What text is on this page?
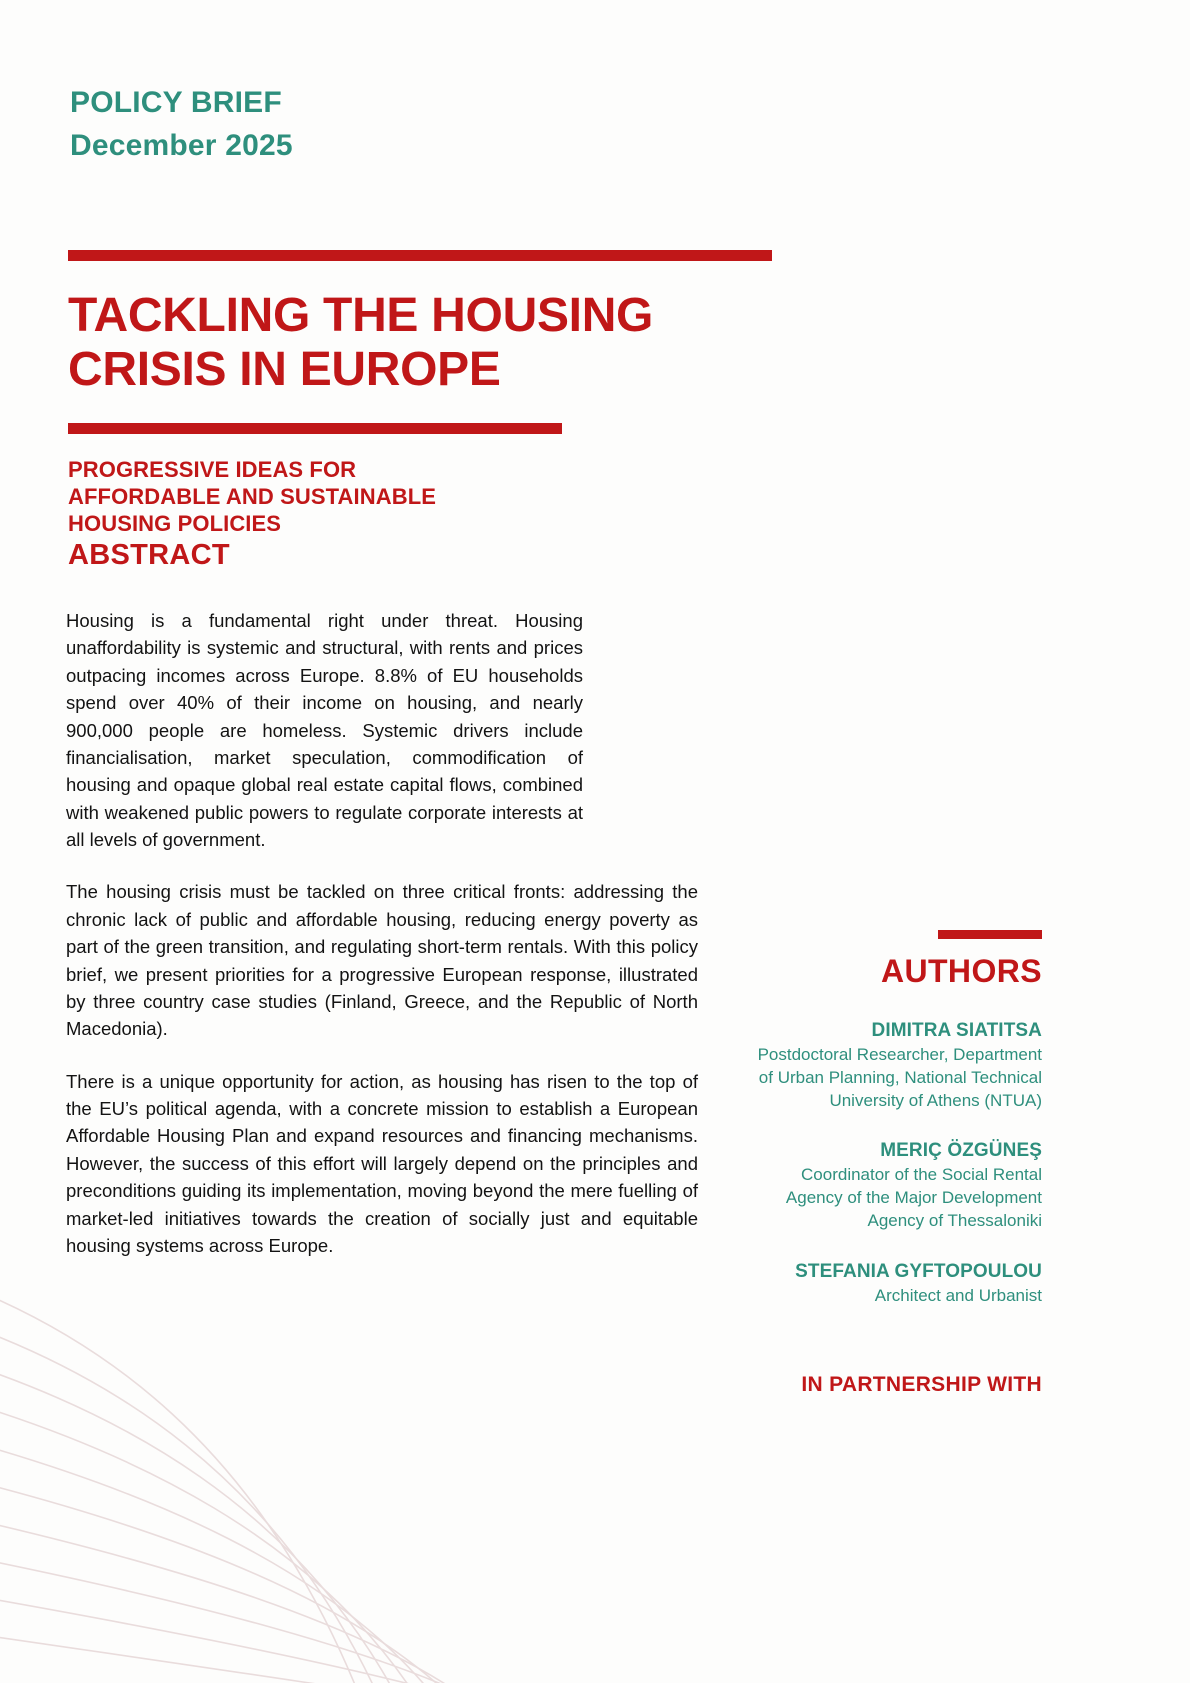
POLICY BRIEF
December 2025
TACKLING THE HOUSING
CRISIS IN EUROPE
PROGRESSIVE IDEAS FOR
AFFORDABLE AND SUSTAINABLE
HOUSING POLICIES
ABSTRACT

Housing is a fundamental right under threat. Housing unaffordability is systemic and structural, with rents and prices outpacing incomes across Europe. 8.8% of EU households spend over 40% of their income on housing, and nearly 900,000 people are homeless. Systemic drivers include financialisation, market speculation, commodification of housing and opaque global real estate capital flows, combined with weakened public powers to regulate corporate interests at all levels of government.

The housing crisis must be tackled on three critical fronts: addressing the chronic lack of public and affordable housing, reducing energy poverty as part of the green transition, and regulating short-term rentals. With this policy brief, we present priorities for a progressive European response, illustrated by three country case studies (Finland, Greece, and the Republic of North Macedonia).

There is a unique opportunity for action, as housing has risen to the top of the EU’s political agenda, with a concrete mission to establish a European Affordable Housing Plan and expand resources and financing mechanisms. However, the success of this effort will largely depend on the principles and preconditions guiding its implementation, moving beyond the mere fuelling of market-led initiatives towards the creation of socially just and equitable housing systems across Europe.

AUTHORS
DIMITRA SIATITSA
Postdoctoral Researcher, Department
of Urban Planning, National Technical
University of Athens (NTUA)
MERIÇ ÖZGÜNEŞ
Coordinator of the Social Rental
Agency of the Major Development
Agency of Thessaloniki
STEFANIA GYFTOPOULOU
Architect and Urbanist
IN PARTNERSHIP WITH
